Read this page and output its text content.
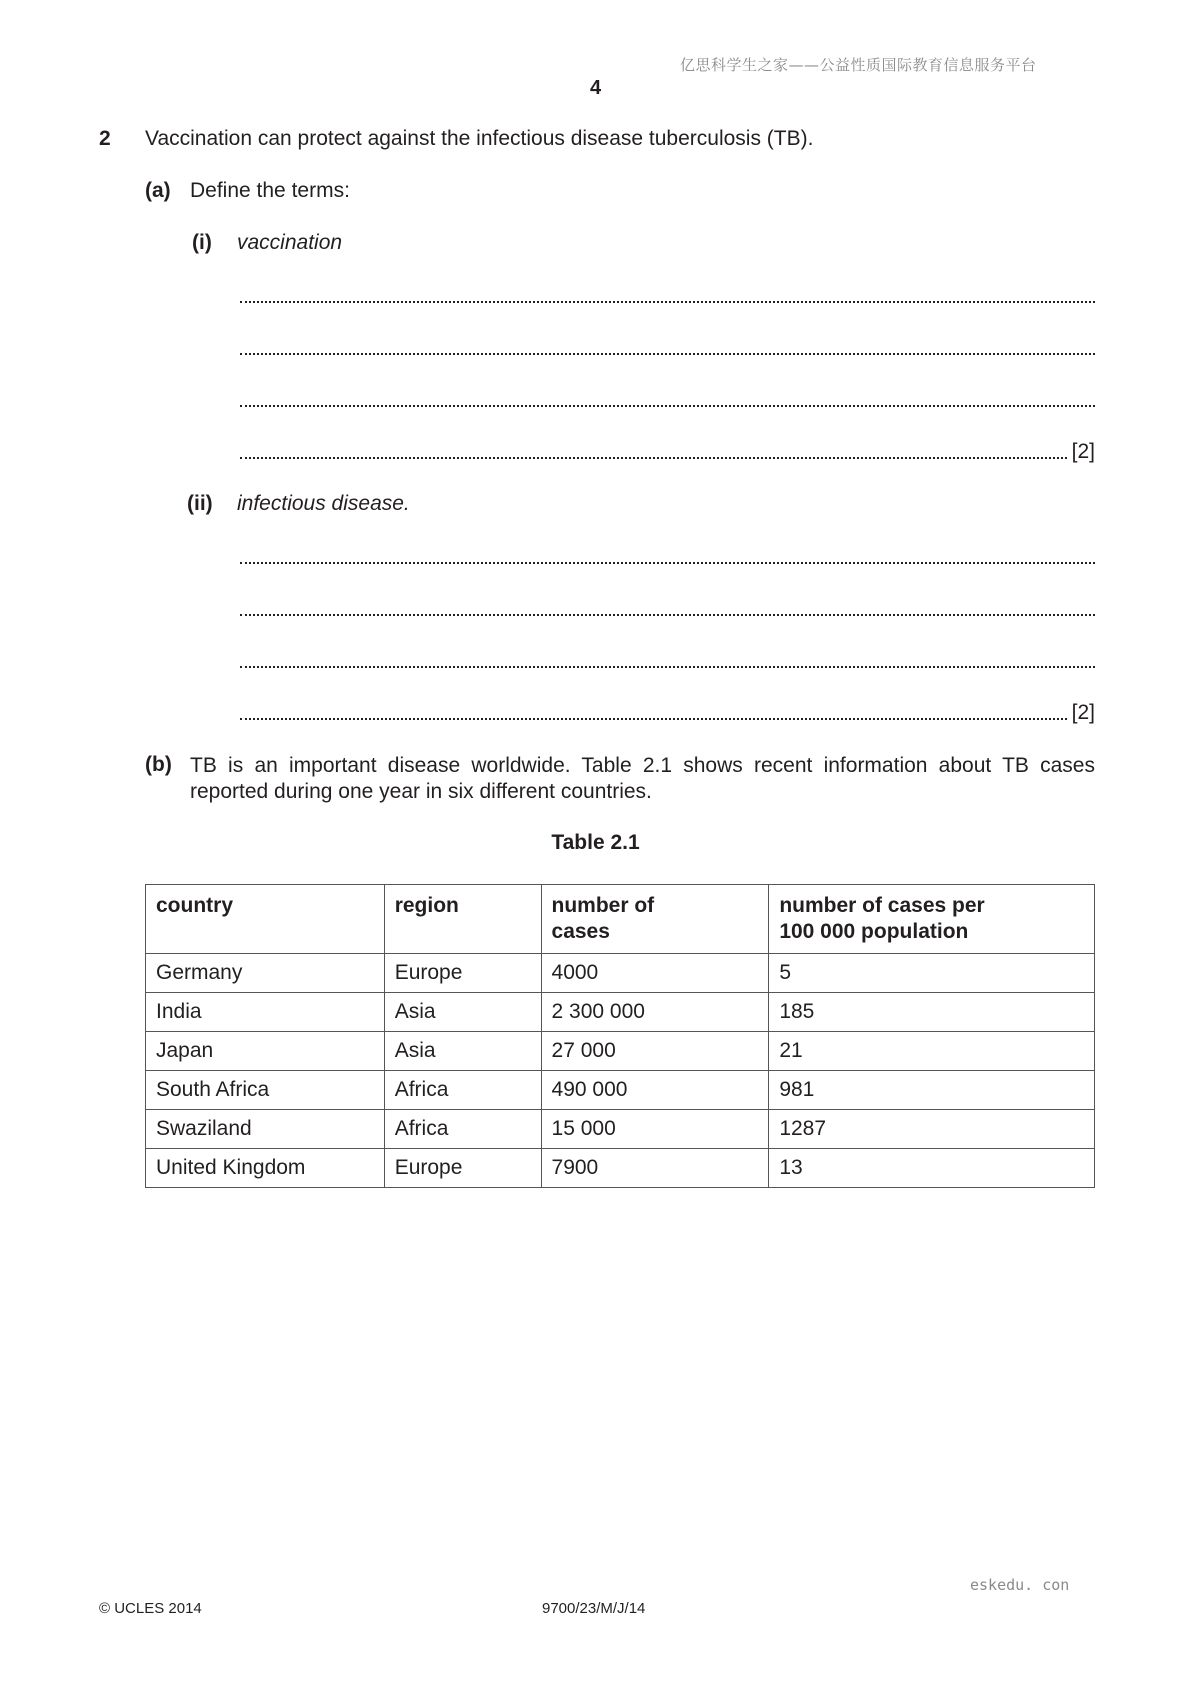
亿思科学生之家——公益性质国际教育信息服务平台
4
2 Vaccination can protect against the infectious disease tuberculosis (TB).
(a) Define the terms:
(i) vaccination
[2]
(ii) infectious disease.
[2]
(b) TB is an important disease worldwide. Table 2.1 shows recent information about TB cases reported during one year in six different countries.
Table 2.1
country	region	number of cases	number of cases per 100 000 population
Germany	Europe	4000	5
India	Asia	2 300 000	185
Japan	Asia	27 000	21
South Africa	Africa	490 000	981
Swaziland	Africa	15 000	1287
United Kingdom	Europe	7900	13
eskedu. con
© UCLES 2014	9700/23/M/J/14
